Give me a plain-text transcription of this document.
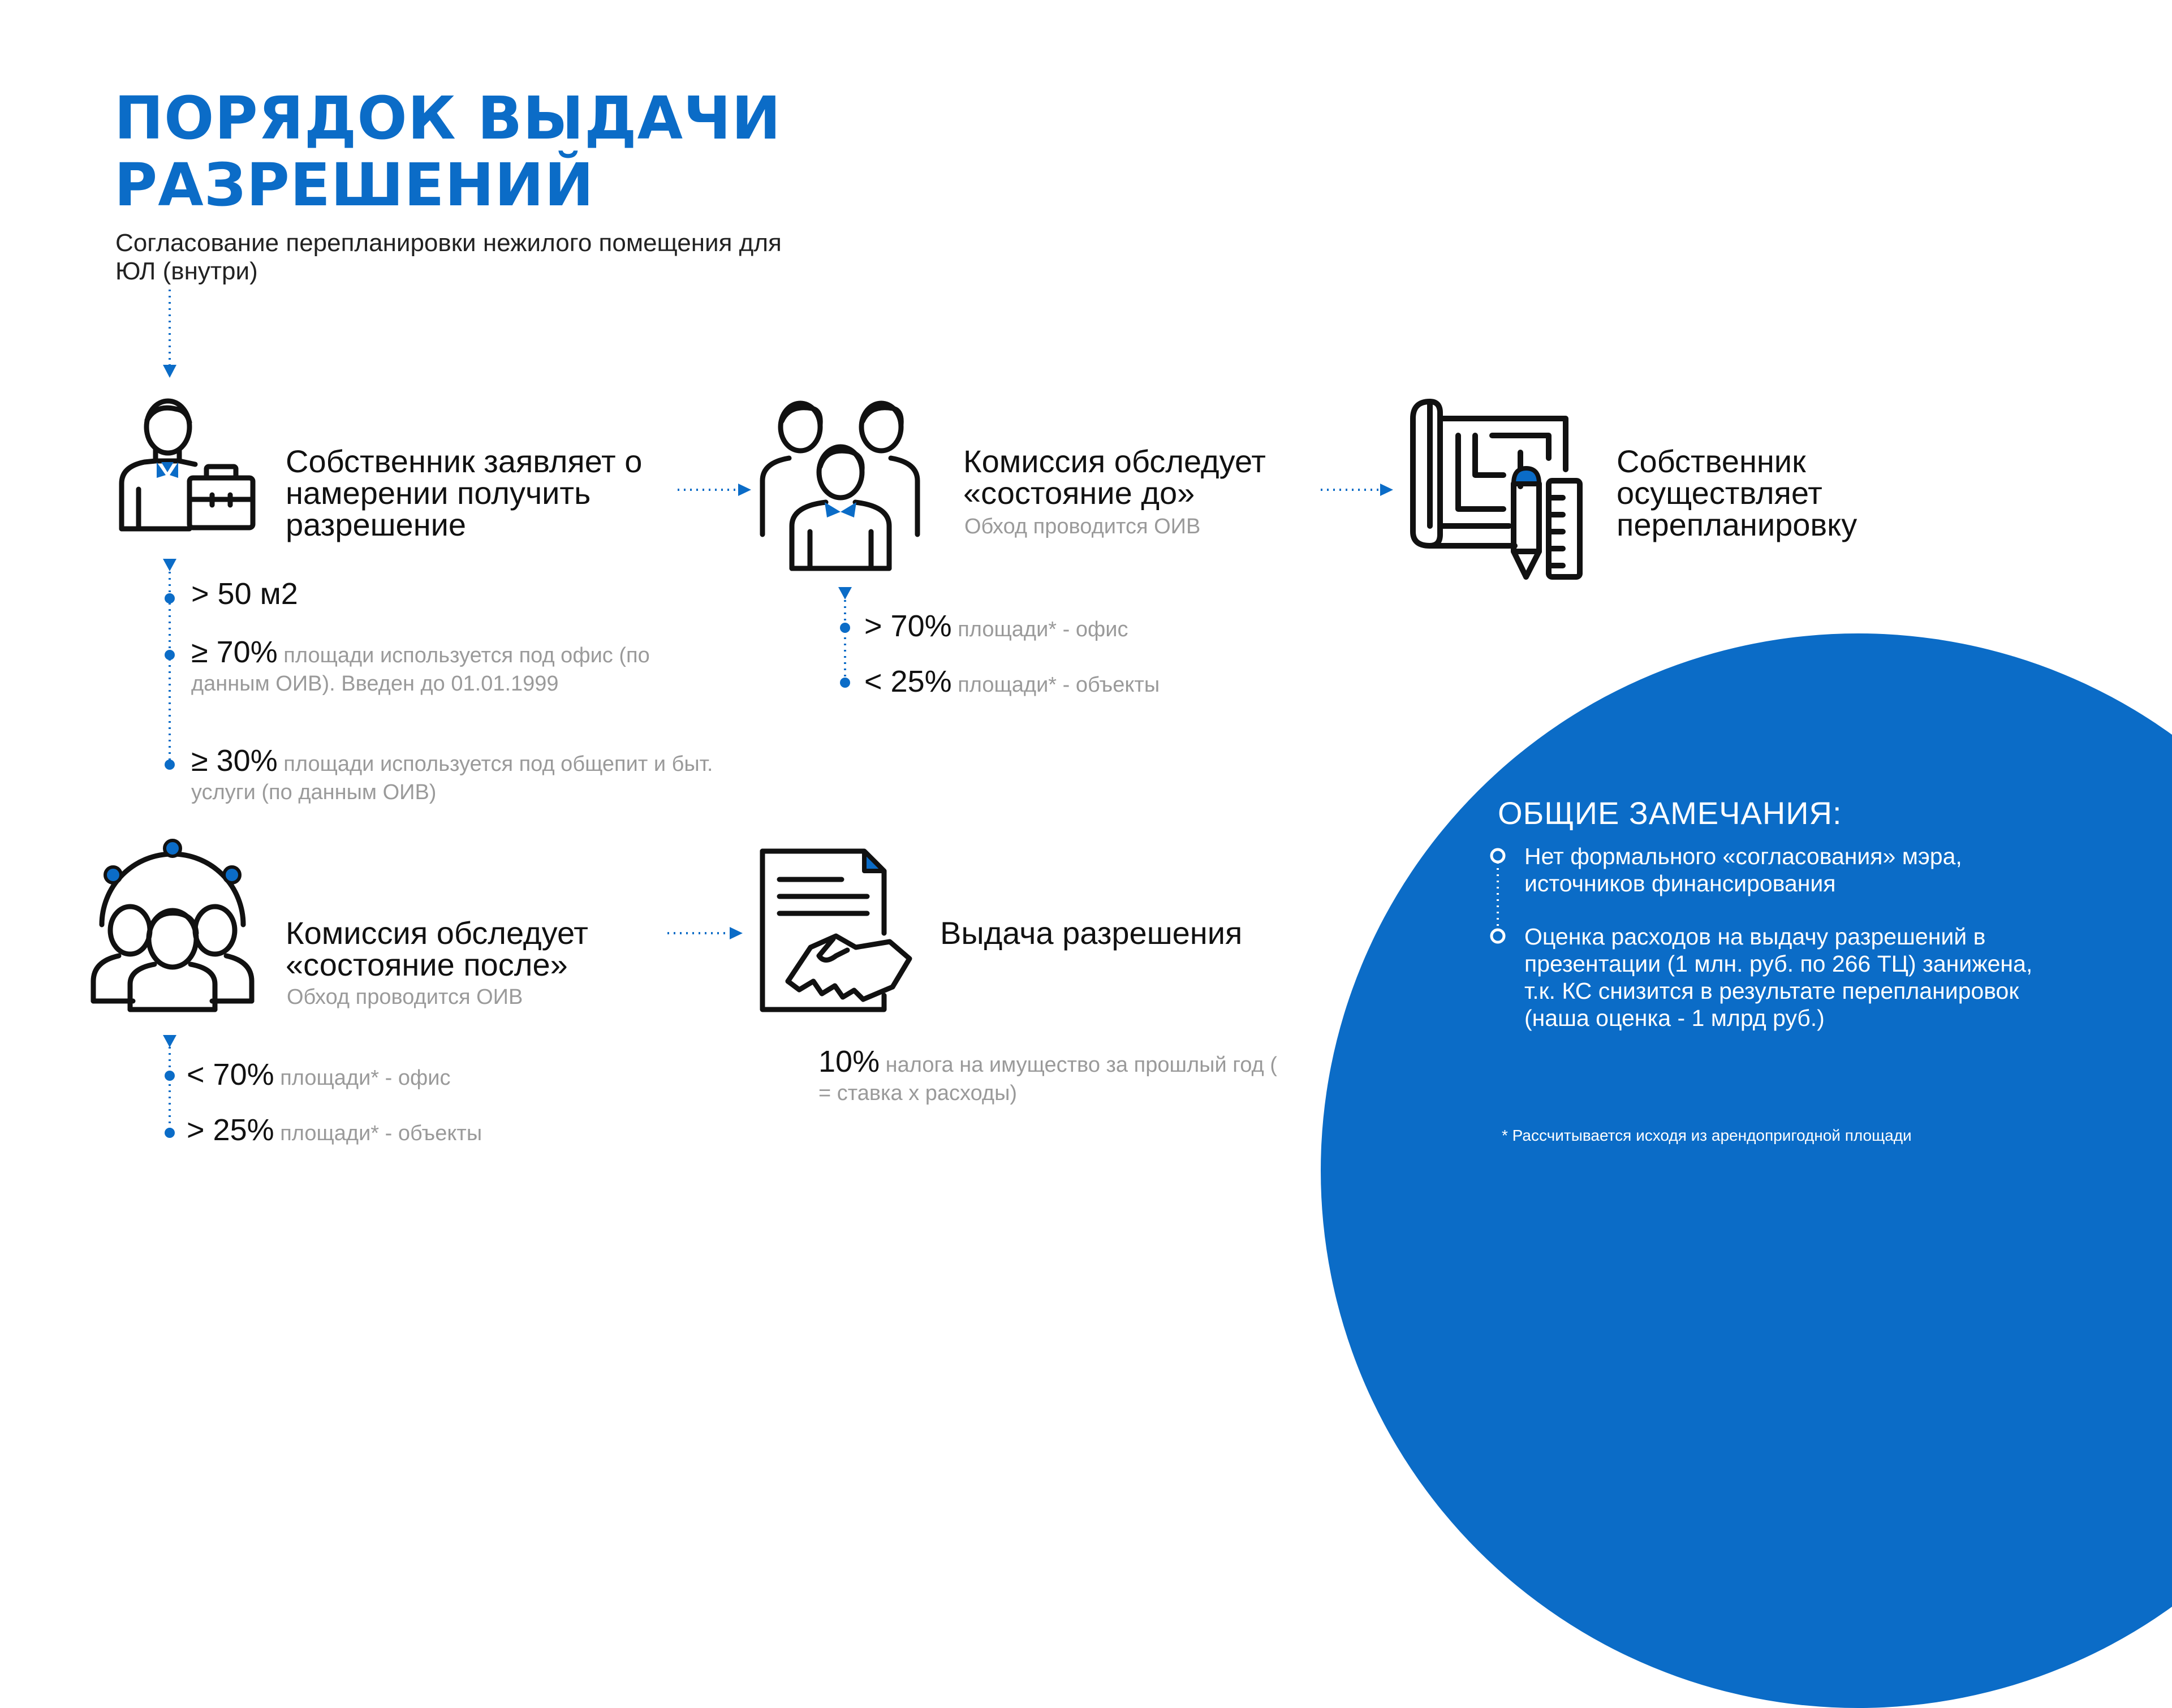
ПОРЯДОК ВЫДАЧИ РАЗРЕШЕНИЙ
Согласование перепланировки нежилого помещения для ЮЛ (внутри)
Собственник заявляет о намерении получить разрешение
Комиссия обследует «состояние до»
Обход проводится ОИВ
Собственник осуществляет перепланировку
> 50 м2
≥ 70% площади используется под офис (по данным ОИВ). Введен до 01.01.1999
≥ 30% площади используется под общепит и быт. услуги (по данным ОИВ)
> 70% площади* - офис
< 25% площади* - объекты
Комиссия обследует «состояние после»
Обход проводится ОИВ
Выдача разрешения
< 70% площади* - офис
> 25% площади* - объекты
10% налога на имущество за прошлый год ( = ставка x расходы)
ОБЩИЕ ЗАМЕЧАНИЯ:
Нет формального «согласования» мэра, источников финансирования
Оценка расходов на выдачу разрешений в презентации (1 млн. руб. по 266 ТЦ) занижена, т.к. КС снизится в результате перепланировок (наша оценка - 1 млрд руб.)
* Рассчитывается исходя из арендопригодной площади
